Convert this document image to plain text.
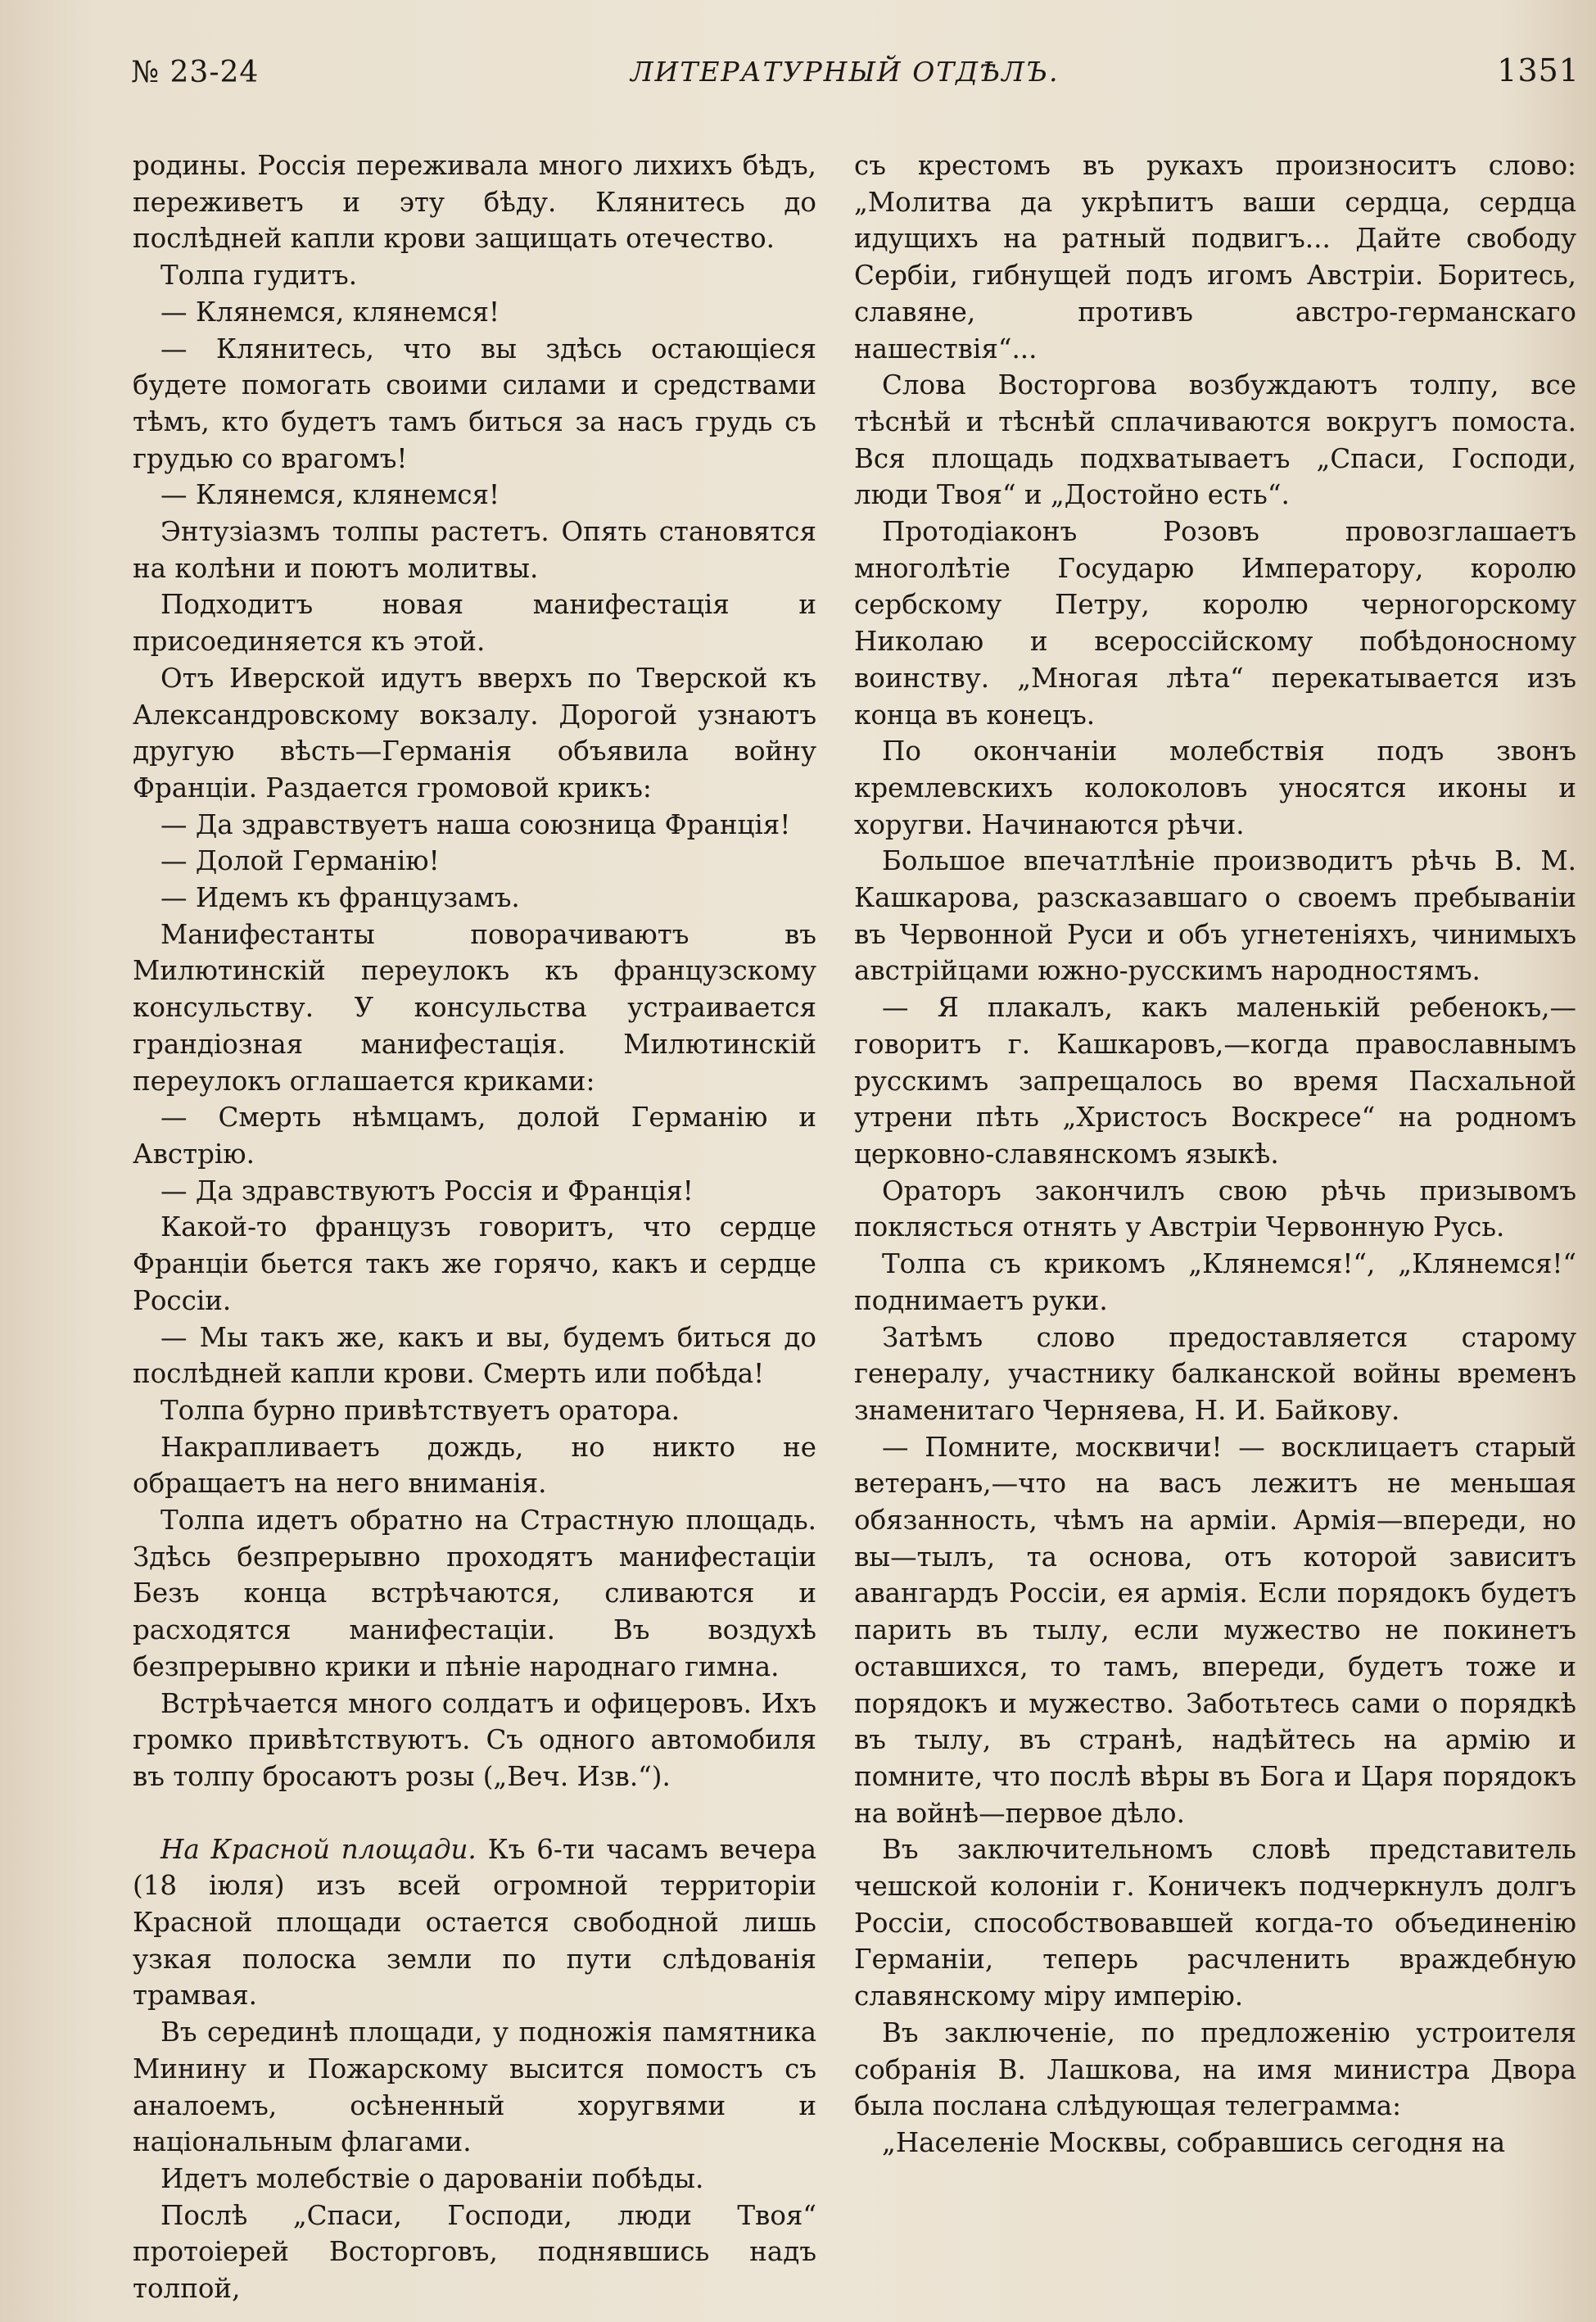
№ 23-24	ЛИТЕРАТУРНЫЙ ОТДѢЛЪ.	1351

родины. Россія переживала много лихихъ бѣдъ, переживетъ и эту бѣду. Клянитесь до послѣдней капли крови защищать отечество.

Толпа гудитъ.

— Клянемся, клянемся!

— Клянитесь, что вы здѣсь остающіеся будете помогать своими силами и средствами тѣмъ, кто будетъ тамъ биться за насъ грудь съ грудью со врагомъ!

— Клянемся, клянемся!

Энтузіазмъ толпы растетъ. Опять становятся на колѣни и поютъ молитвы.

Подходитъ новая манифестація и присоединяется къ этой.

Отъ Иверской идутъ вверхъ по Тверской къ Александровскому вокзалу. Дорогой узнаютъ другую вѣсть—Германія объявила войну Франціи. Раздается громовой крикъ:

— Да здравствуетъ наша союзница Франція!

— Долой Германію!

— Идемъ къ французамъ.

Манифестанты поворачиваютъ въ Милютинскій переулокъ къ французскому консульству. У консульства устраивается грандіозная манифестація. Милютинскій переулокъ оглашается криками:

— Смерть нѣмцамъ, долой Германію и Австрію.

— Да здравствуютъ Россія и Франція!

Какой-то французъ говоритъ, что сердце Франціи бьется такъ же горячо, какъ и сердце Россіи.

— Мы такъ же, какъ и вы, будемъ биться до послѣдней капли крови. Смерть или побѣда!

Толпа бурно привѣтствуетъ оратора.

Накрапливаетъ дождь, но никто не обращаетъ на него вниманія.

Толпа идетъ обратно на Страстную площадь. Здѣсь безпрерывно проходятъ манифестаціи Безъ конца встрѣчаются, сливаются и расходятся манифестаціи. Въ воздухѣ безпрерывно крики и пѣніе народнаго гимна.

Встрѣчается много солдатъ и офицеровъ. Ихъ громко привѣтствуютъ. Съ одного автомобиля въ толпу бросаютъ розы („Веч. Изв.“).

На Красной площади. Къ 6-ти часамъ вечера (18 іюля) изъ всей огромной территоріи Красной площади остается свободной лишь узкая полоска земли по пути слѣдованія трамвая.

Въ серединѣ площади, у подножія памятника Минину и Пожарскому высится помостъ съ аналоемъ, осѣненный хоругвями и національным флагами.

Идетъ молебствіе о дарованіи побѣды.

Послѣ „Спаси, Господи, люди Твоя“ протоіерей Восторговъ, поднявшись надъ толпой,

съ крестомъ въ рукахъ произноситъ слово: „Молитва да укрѣпитъ ваши сердца, сердца идущихъ на ратный подвигъ... Дайте свободу Сербіи, гибнущей подъ игомъ Австріи. Боритесь, славяне, противъ австро-германскаго нашествія“...

Слова Восторгова возбуждаютъ толпу, все тѣснѣй и тѣснѣй сплачиваются вокругъ помоста. Вся площадь подхватываетъ „Спаси, Господи, люди Твоя“ и „Достойно есть“.

Протодіаконъ Розовъ провозглашаетъ многолѣтіе Государю Императору, королю сербскому Петру, королю черногорскому Николаю и всероссійскому побѣдоносному воинству. „Многая лѣта“ перекатывается изъ конца въ конецъ.

По окончаніи молебствія подъ звонъ кремлевскихъ колоколовъ уносятся иконы и хоругви. Начинаются рѣчи.

Большое впечатлѣніе производитъ рѣчь В. М. Кашкарова, разсказавшаго о своемъ пребываніи въ Червонной Руси и объ угнетеніяхъ, чинимыхъ австрійцами южно-русскимъ народностямъ.

— Я плакалъ, какъ маленькій ребенокъ,— говоритъ г. Кашкаровъ,—когда православнымъ русскимъ запрещалось во время Пасхальной утрени пѣть „Христосъ Воскресе“ на родномъ церковно-славянскомъ языкѣ.

Ораторъ закончилъ свою рѣчь призывомъ поклясться отнять у Австріи Червонную Русь.

Толпа съ крикомъ „Клянемся!“, „Клянемся!“ поднимаетъ руки.

Затѣмъ слово предоставляется старому генералу, участнику балканской войны временъ знаменитаго Черняева, Н. И. Байкову.

— Помните, москвичи! — восклицаетъ старый ветеранъ,—что на васъ лежитъ не меньшая обязанность, чѣмъ на арміи. Армія—впереди, но вы—тылъ, та основа, отъ которой зависитъ авангардъ Россіи, ея армія. Если порядокъ будетъ парить въ тылу, если мужество не покинетъ оставшихся, то тамъ, впереди, будетъ тоже и порядокъ и мужество. Заботьтесь сами о порядкѣ въ тылу, въ странѣ, надѣйтесь на армію и помните, что послѣ вѣры въ Бога и Царя порядокъ на войнѣ—первое дѣло.

Въ заключительномъ словѣ представитель чешской колоніи г. Коничекъ подчеркнулъ долгъ Россіи, способствовавшей когда-то объединенію Германіи, теперь расчленить враждебную славянскому міру имперію.

Въ заключеніе, по предложенію устроителя собранія В. Лашкова, на имя министра Двора была послана слѣдующая телеграмма:

„Населеніе Москвы, собравшись сегодня на
